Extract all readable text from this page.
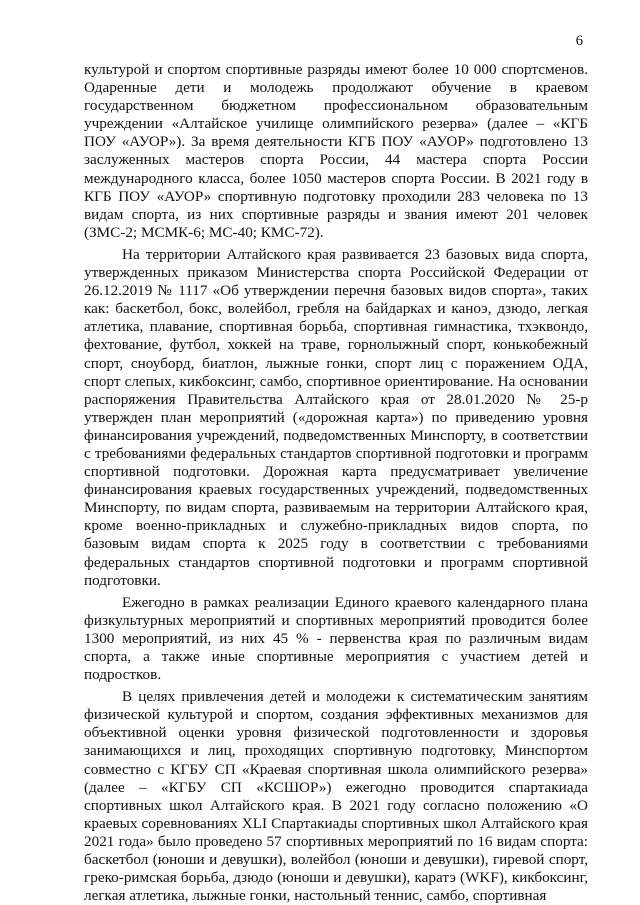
6

культурой и спортом спортивные разряды имеют более 10 000 спортсменов. Одаренные дети и молодежь продолжают обучение в краевом государственном бюджетном профессиональном образовательным учреждении «Алтайское училище олимпийского резерва» (далее – «КГБ ПОУ «АУОР»). За время деятельности КГБ ПОУ «АУОР» подготовлено 13 заслуженных мастеров спорта России, 44 мастера спорта России международного класса, более 1050 мастеров спорта России. В 2021 году в КГБ ПОУ «АУОР» спортивную подготовку проходили 283 человека по 13 видам спорта, из них спортивные разряды и звания имеют 201 человек (ЗМС-2; МСМК-6; МС-40; КМС-72).

На территории Алтайского края развивается 23 базовых вида спорта, утвержденных приказом Министерства спорта Российской Федерации от 26.12.2019 № 1117 «Об утверждении перечня базовых видов спорта», таких как: баскетбол, бокс, волейбол, гребля на байдарках и каноэ, дзюдо, легкая атлетика, плавание, спортивная борьба, спортивная гимнастика, тхэквондо, фехтование, футбол, хоккей на траве, горнолыжный спорт, конькобежный спорт, сноуборд, биатлон, лыжные гонки, спорт лиц с поражением ОДА, спорт слепых, кикбоксинг, самбо, спортивное ориентирование. На основании распоряжения Правительства Алтайского края от 28.01.2020 № 25-р утвержден план мероприятий («дорожная карта») по приведению уровня финансирования учреждений, подведомственных Минспорту, в соответствии с требованиями федеральных стандартов спортивной подготовки и программ спортивной подготовки. Дорожная карта предусматривает увеличение финансирования краевых государственных учреждений, подведомственных Минспорту, по видам спорта, развиваемым на территории Алтайского края, кроме военно-прикладных и служебно-прикладных видов спорта, по базовым видам спорта к 2025 году в соответствии с требованиями федеральных стандартов спортивной подготовки и программ спортивной подготовки.

Ежегодно в рамках реализации Единого краевого календарного плана физкультурных мероприятий и спортивных мероприятий проводится более 1300 мероприятий, из них 45 % - первенства края по различным видам спорта, а также иные спортивные мероприятия с участием детей и подростков.

В целях привлечения детей и молодежи к систематическим занятиям физической культурой и спортом, создания эффективных механизмов для объективной оценки уровня физической подготовленности и здоровья занимающихся и лиц, проходящих спортивную подготовку, Минспортом совместно с КГБУ СП «Краевая спортивная школа олимпийского резерва» (далее – «КГБУ СП «КСШОР») ежегодно проводится спартакиада спортивных школ Алтайского края. В 2021 году согласно положению «О краевых соревнованиях XLI Спартакиады спортивных школ Алтайского края 2021 года» было проведено 57 спортивных мероприятий по 16 видам спорта: баскетбол (юноши и девушки), волейбол (юноши и девушки), гиревой спорт, греко-римская борьба, дзюдо (юноши и девушки), каратэ (WKF), кикбоксинг, легкая атлетика, лыжные гонки, настольный теннис, самбо, спортивная
